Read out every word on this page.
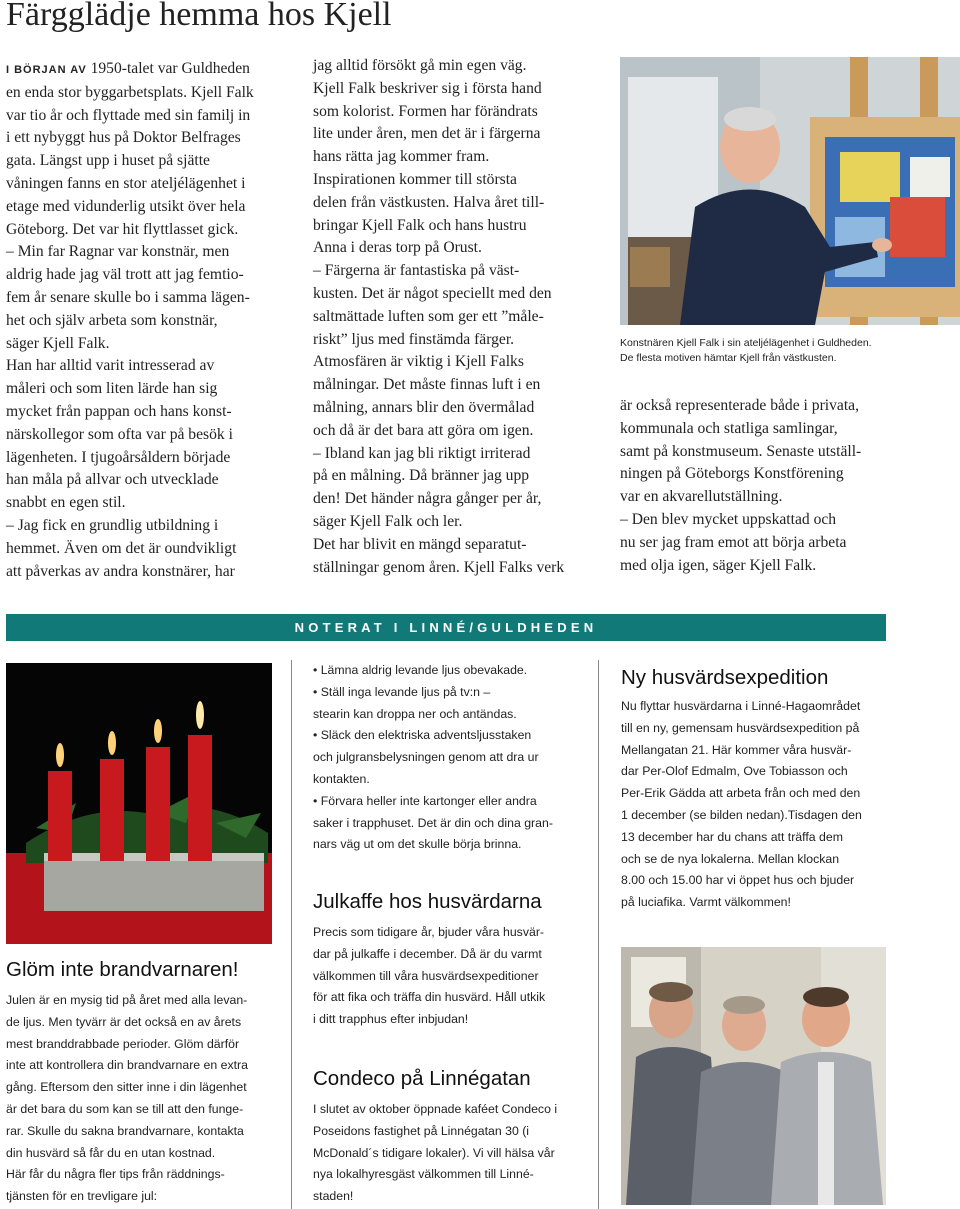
Färgglädje hemma hos Kjell
I BÖRJAN AV 1950-talet var Guldheden
en enda stor byggarbetsplats. Kjell Falk
var tio år och flyttade med sin familj in
i ett nybyggt hus på Doktor Belfrages
gata. Längst upp i huset på sjätte
våningen fanns en stor ateljélägenhet i
etage med vidunderlig utsikt över hela
Göteborg. Det var hit flyttlasset gick.
– Min far Ragnar var konstnär, men
aldrig hade jag väl trott att jag femtio-
fem år senare skulle bo i samma lägen-
het och själv arbeta som konstnär,
säger Kjell Falk.
Han har alltid varit intresserad av
måleri och som liten lärde han sig
mycket från pappan och hans konst-
närskollegor som ofta var på besök i
lägenheten. I tjugoårsåldern började
han måla på allvar och utvecklade
snabbt en egen stil.
– Jag fick en grundlig utbildning i
hemmet. Även om det är oundvikligt
att påverkas av andra konstnärer, har
jag alltid försökt gå min egen väg.
Kjell Falk beskriver sig i första hand
som kolorist. Formen har förändrats
lite under åren, men det är i färgerna
hans rätta jag kommer fram.
Inspirationen kommer till största
delen från västkusten. Halva året till-
bringar Kjell Falk och hans hustru
Anna i deras torp på Orust.
– Färgerna är fantastiska på väst-
kusten. Det är något speciellt med den
saltmättade luften som ger ett ”måle-
riskt” ljus med finstämda färger.
Atmosfären är viktig i Kjell Falks
målningar. Det måste finnas luft i en
målning, annars blir den övermålad
och då är det bara att göra om igen.
– Ibland kan jag bli riktigt irriterad
på en målning. Då bränner jag upp
den! Det händer några gånger per år,
säger Kjell Falk och ler.
Det har blivit en mängd separatut-
ställningar genom åren. Kjell Falks verk
Konstnären Kjell Falk i sin ateljélägenhet i Guldheden.
De flesta motiven hämtar Kjell från västkusten.
är också representerade både i privata,
kommunala och statliga samlingar,
samt på konstmuseum. Senaste utställ-
ningen på Göteborgs Konstförening
var en akvarellutställning.
– Den blev mycket uppskattad och
nu ser jag fram emot att börja arbeta
med olja igen, säger Kjell Falk.
NOTERAT I LINNÉ/GULDHEDEN
Glöm inte brandvarnaren!
Julen är en mysig tid på året med alla levan-
de ljus. Men tyvärr är det också en av årets
mest branddrabbade perioder. Glöm därför
inte att kontrollera din brandvarnare en extra
gång. Eftersom den sitter inne i din lägenhet
är det bara du som kan se till att den funge-
rar. Skulle du sakna brandvarnare, kontakta
din husvärd så får du en utan kostnad.
Här får du några fler tips från räddnings-
tjänsten för en trevligare jul:
• Lämna aldrig levande ljus obevakade.
• Ställ inga levande ljus på tv:n –
stearin kan droppa ner och antändas.
• Släck den elektriska adventsljusstaken
och julgransbelysningen genom att dra ur
kontakten.
• Förvara heller inte kartonger eller andra
saker i trapphuset. Det är din och dina gran-
nars väg ut om det skulle börja brinna.
Julkaffe hos husvärdarna
Precis som tidigare år, bjuder våra husvär-
dar på julkaffe i december. Då är du varmt
välkommen till våra husvärdsexpeditioner
för att fika och träffa din husvärd. Håll utkik
i ditt trapphus efter inbjudan!
Condeco på Linnégatan
I slutet av oktober öppnade kaféet Condeco i
Poseidons fastighet på Linnégatan 30 (i
McDonald´s tidigare lokaler). Vi vill hälsa vår
nya lokalhyresgäst välkommen till Linné-
staden!
Ny husvärdsexpedition
Nu flyttar husvärdarna i Linné-Hagaområdet
till en ny, gemensam husvärdsexpedition på
Mellangatan 21. Här kommer våra husvär-
dar Per-Olof Edmalm, Ove Tobiasson och
Per-Erik Gädda att arbeta från och med den
1 december (se bilden nedan).Tisdagen den
13 december har du chans att träffa dem
och se de nya lokalerna. Mellan klockan
8.00 och 15.00 har vi öppet hus och bjuder
på luciafika. Varmt välkommen!
